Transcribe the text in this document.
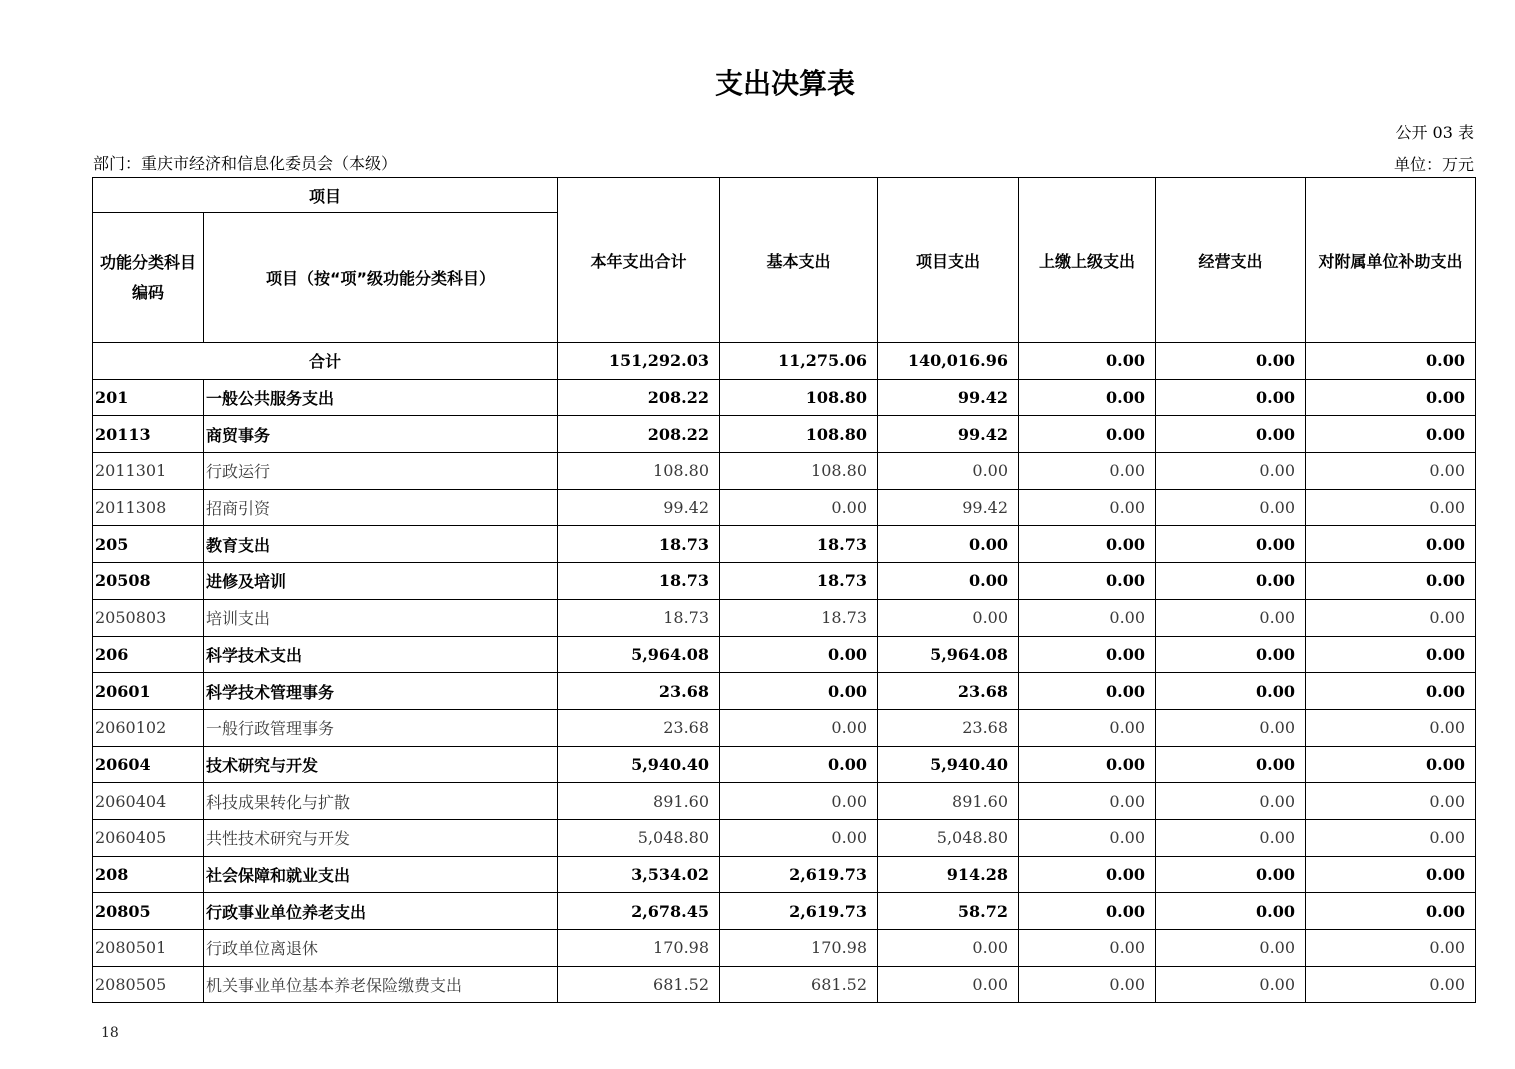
支出决算表
公开 03 表
部门：重庆市经济和信息化委员会（本级）	单位：万元
项目		本年支出合计	基本支出	项目支出	上缴上级支出	经营支出	对附属单位补助支出
功能分类科目编码	项目（按“项”级功能分类科目）						
合计		151,292.03	11,275.06	140,016.96	0.00	0.00	0.00
201	一般公共服务支出	208.22	108.80	99.42	0.00	0.00	0.00
20113	商贸事务	208.22	108.80	99.42	0.00	0.00	0.00
2011301	行政运行	108.80	108.80	0.00	0.00	0.00	0.00
2011308	招商引资	99.42	0.00	99.42	0.00	0.00	0.00
205	教育支出	18.73	18.73	0.00	0.00	0.00	0.00
20508	进修及培训	18.73	18.73	0.00	0.00	0.00	0.00
2050803	培训支出	18.73	18.73	0.00	0.00	0.00	0.00
206	科学技术支出	5,964.08	0.00	5,964.08	0.00	0.00	0.00
20601	科学技术管理事务	23.68	0.00	23.68	0.00	0.00	0.00
2060102	一般行政管理事务	23.68	0.00	23.68	0.00	0.00	0.00
20604	技术研究与开发	5,940.40	0.00	5,940.40	0.00	0.00	0.00
2060404	科技成果转化与扩散	891.60	0.00	891.60	0.00	0.00	0.00
2060405	共性技术研究与开发	5,048.80	0.00	5,048.80	0.00	0.00	0.00
208	社会保障和就业支出	3,534.02	2,619.73	914.28	0.00	0.00	0.00
20805	行政事业单位养老支出	2,678.45	2,619.73	58.72	0.00	0.00	0.00
2080501	行政单位离退休	170.98	170.98	0.00	0.00	0.00	0.00
2080505	机关事业单位基本养老保险缴费支出	681.52	681.52	0.00	0.00	0.00	0.00
18
